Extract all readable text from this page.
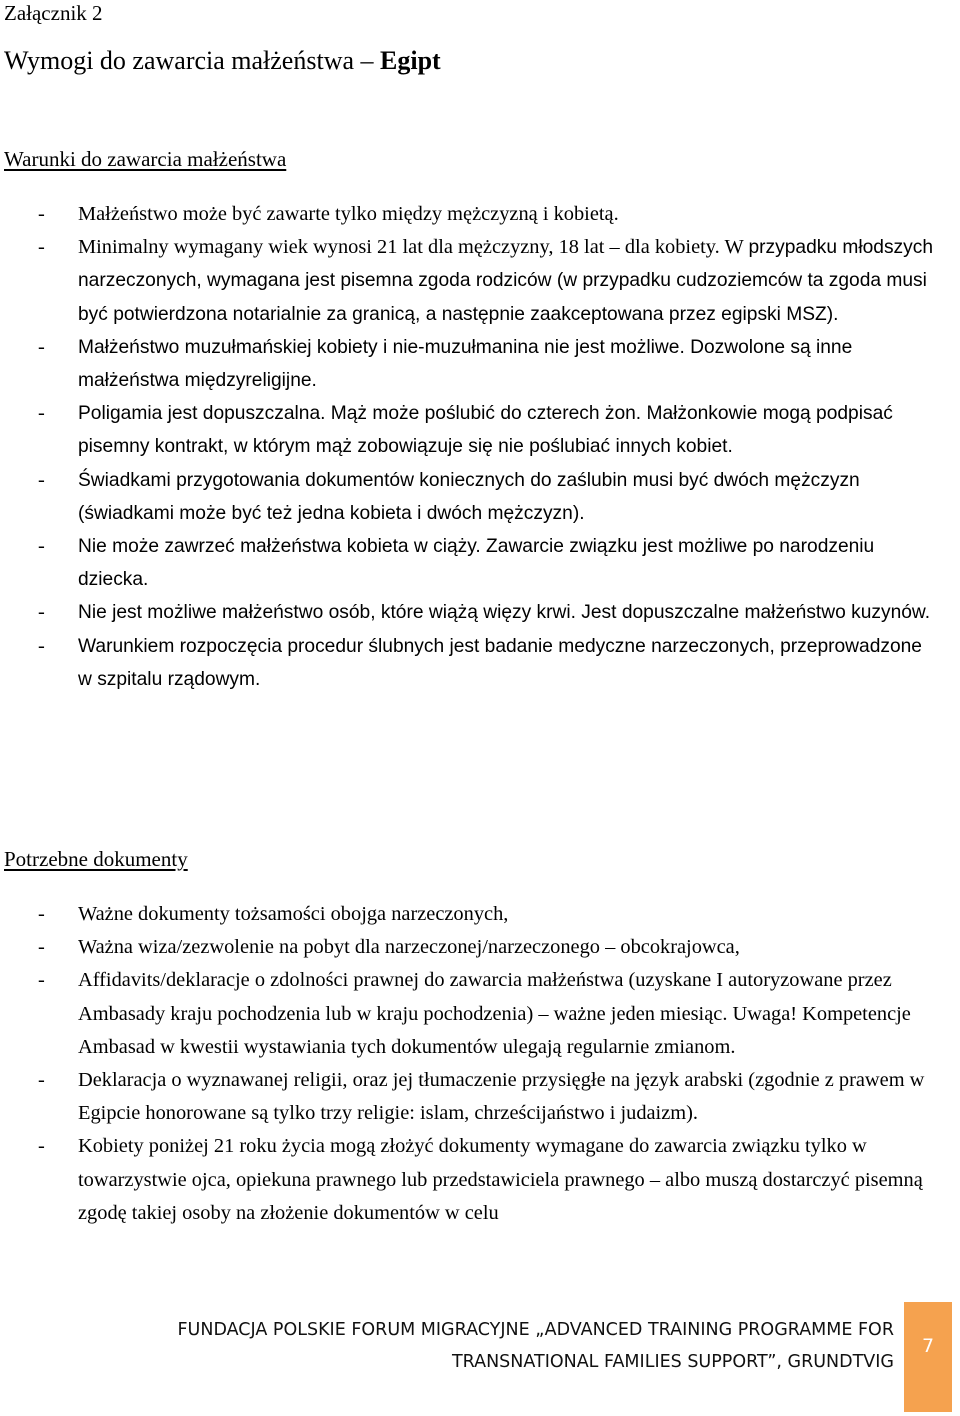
Załącznik 2
Wymogi do zawarcia małżeństwa – Egipt
Warunki do zawarcia małżeństwa
- Małżeństwo może być zawarte tylko między mężczyzną i kobietą.
- Minimalny wymagany wiek wynosi 21 lat dla mężczyzny, 18 lat – dla kobiety. W przypadku młodszych narzeczonych, wymagana jest pisemna zgoda rodziców (w przypadku cudzoziemców ta zgoda musi być potwierdzona notarialnie za granicą, a następnie zaakceptowana przez egipski MSZ).
- Małżeństwo muzułmańskiej kobiety i nie-muzułmanina nie jest możliwe. Dozwolone są inne małżeństwa międzyreligijne.
- Poligamia jest dopuszczalna. Mąż może poślubić do czterech żon. Małżonkowie mogą podpisać pisemny kontrakt, w którym mąż zobowiązuje się nie poślubiać innych kobiet.
- Świadkami przygotowania dokumentów koniecznych do zaślubin musi być dwóch mężczyzn (świadkami może być też jedna kobieta i dwóch mężczyzn).
- Nie może zawrzeć małżeństwa kobieta w ciąży. Zawarcie związku jest możliwe po narodzeniu dziecka.
- Nie jest możliwe małżeństwo osób, które wiążą więzy krwi. Jest dopuszczalne małżeństwo kuzynów.
- Warunkiem rozpoczęcia procedur ślubnych jest badanie medyczne narzeczonych, przeprowadzone w szpitalu rządowym.
Potrzebne dokumenty
- Ważne dokumenty tożsamości obojga narzeczonych,
- Ważna wiza/zezwolenie na pobyt dla narzeczonej/narzeczonego – obcokrajowca,
- Affidavits/deklaracje o zdolności prawnej do zawarcia małżeństwa (uzyskane I autoryzowane przez Ambasady kraju pochodzenia lub w kraju pochodzenia) – ważne jeden miesiąc. Uwaga! Kompetencje Ambasad w kwestii wystawiania tych dokumentów ulegają regularnie zmianom.
- Deklaracja o wyznawanej religii, oraz jej tłumaczenie przysięgłe na język arabski (zgodnie z prawem w Egipcie honorowane są tylko trzy religie: islam, chrześcijaństwo i judaizm).
- Kobiety poniżej 21 roku życia mogą złożyć dokumenty wymagane do zawarcia związku tylko w towarzystwie ojca, opiekuna prawnego lub przedstawiciela prawnego – albo muszą dostarczyć pisemną zgodę takiej osoby na złożenie dokumentów w celu
FUNDACJA POLSKIE FORUM MIGRACYJNE „ADVANCED TRAINING PROGRAMME FOR
TRANSNATIONAL FAMILIES SUPPORT”, GRUNDTVIG
7
